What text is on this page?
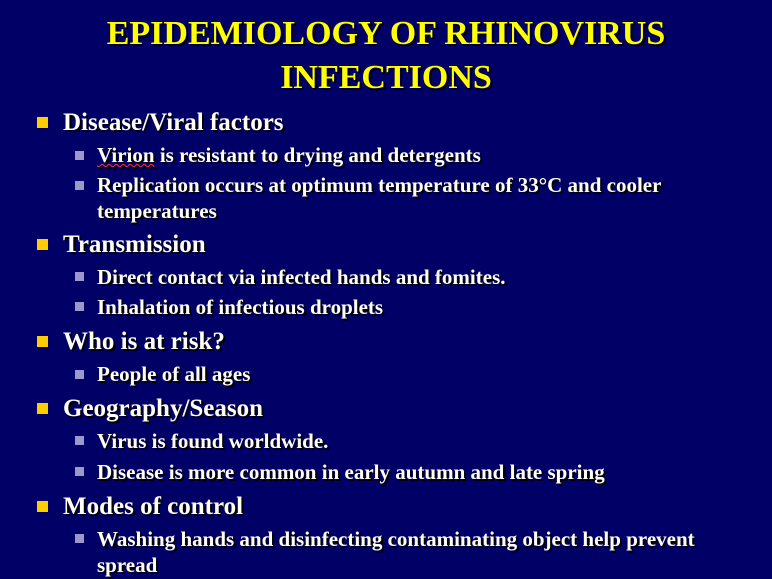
EPIDEMIOLOGY OF RHINOVIRUS
INFECTIONS
Disease/Viral factors
Virion is resistant to drying and detergents
Replication occurs at optimum temperature of 33°C and cooler temperatures
Transmission
Direct contact via infected hands and fomites.
Inhalation of infectious droplets
Who is at risk?
People of all ages
Geography/Season
Virus is found worldwide.
Disease is more common in early autumn and late spring
Modes of control
Washing hands and disinfecting contaminating object help prevent spread
